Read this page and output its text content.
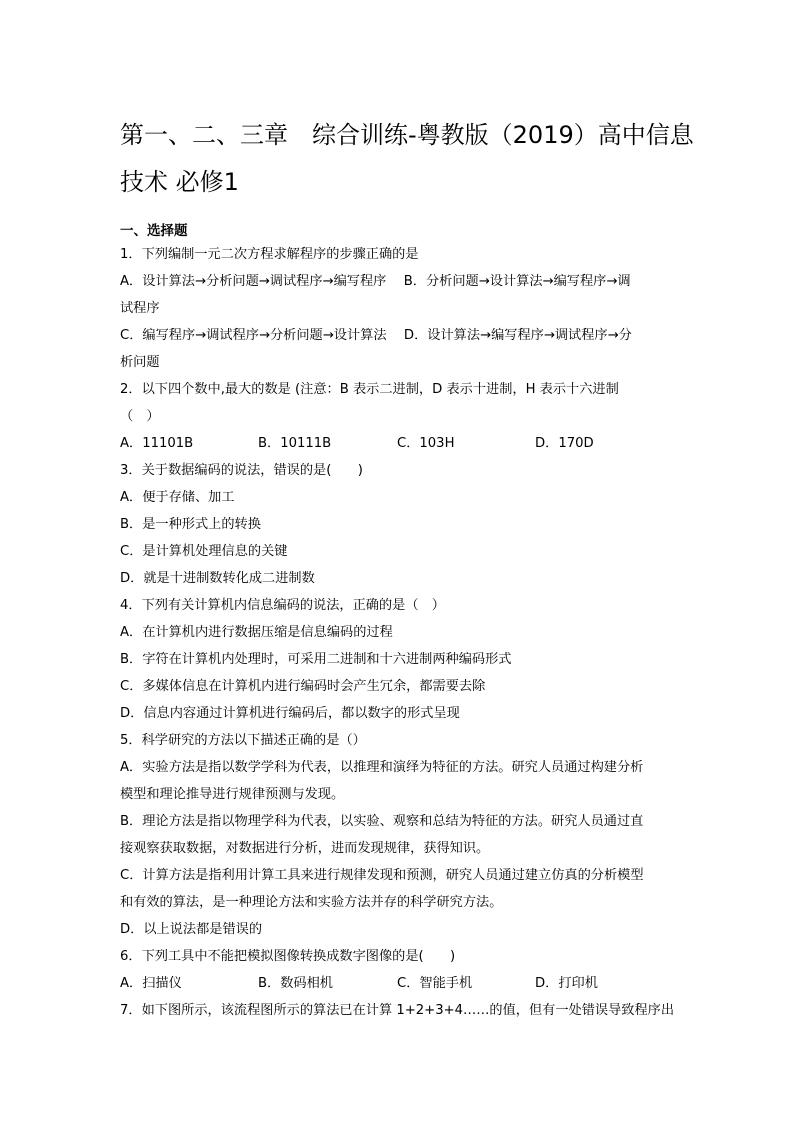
第一、二、三章　综合训练-粤教版（2019）高中信息
技术 必修1
一、选择题
1．下列编制一元二次方程求解程序的步骤正确的是
A．设计算法→分析问题→调试程序→编写程序　 B．分析问题→设计算法→编写程序→调
试程序
C．编写程序→调试程序→分析问题→设计算法　 D．设计算法→编写程序→调试程序→分
析问题
2．以下四个数中,最大的数是 (注意：B 表示二进制，D 表示十进制，H 表示十六进制
（　）
A．11101B	B．10111B	C．103H	D．170D
3．关于数据编码的说法，错误的是(　　)
A．便于存储、加工
B．是一种形式上的转换
C．是计算机处理信息的关键
D．就是十进制数转化成二进制数
4．下列有关计算机内信息编码的说法，正确的是（　）
A．在计算机内进行数据压缩是信息编码的过程
B．字符在计算机内处理时，可采用二进制和十六进制两种编码形式
C．多媒体信息在计算机内进行编码时会产生冗余，都需要去除
D．信息内容通过计算机进行编码后，都以数字的形式呈现
5．科学研究的方法以下描述正确的是（）
A．实验方法是指以数学学科为代表，以推理和演绎为特征的方法。研究人员通过构建分析
模型和理论推导进行规律预测与发现。
B．理论方法是指以物理学科为代表，以实验、观察和总结为特征的方法。研究人员通过直
接观察获取数据，对数据进行分析，进而发现规律，获得知识。
C．计算方法是指利用计算工具来进行规律发现和预测，研究人员通过建立仿真的分析模型
和有效的算法，是一种理论方法和实验方法并存的科学研究方法。
D．以上说法都是错误的
6．下列工具中不能把模拟图像转换成数字图像的是(　　)
A．扫描仪	B．数码相机	C．智能手机	D．打印机
7．如下图所示，该流程图所示的算法已在计算 1+2+3+4……的值，但有一处错误导致程序出
